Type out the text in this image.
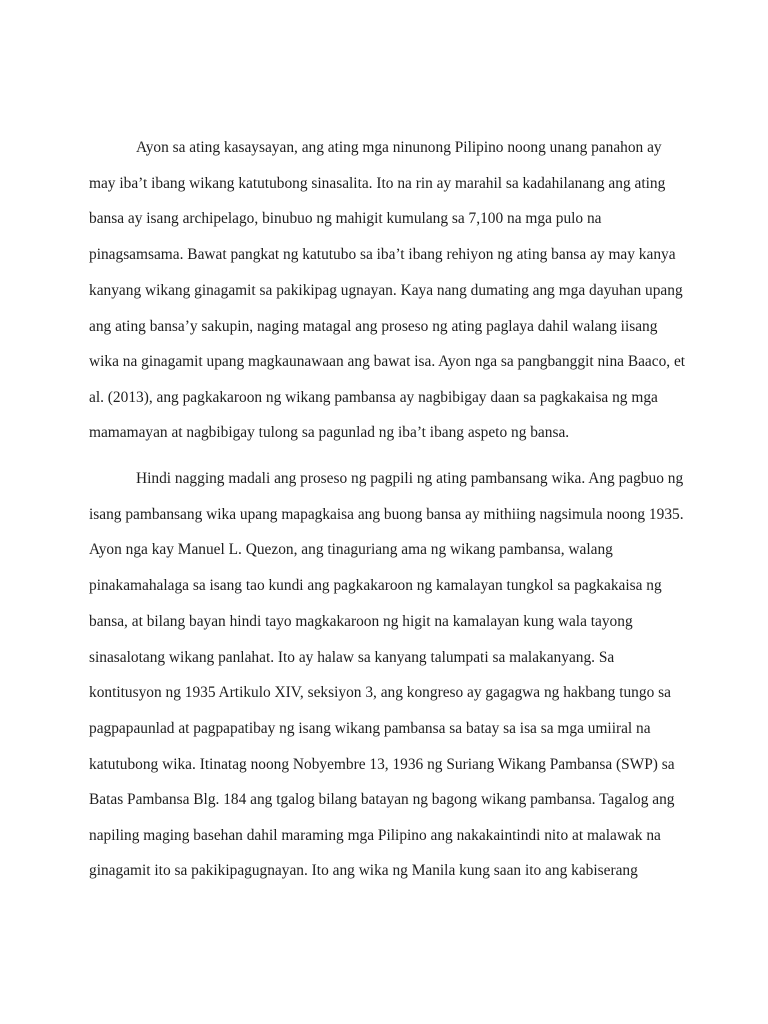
Ayon sa ating kasaysayan, ang ating mga ninunong Pilipino noong unang panahon ay
may iba’t ibang wikang katutubong sinasalita. Ito na rin ay marahil sa kadahilanang ang ating
bansa ay isang archipelago, binubuo ng mahigit kumulang sa 7,100 na mga pulo na
pinagsamsama. Bawat pangkat ng katutubo sa iba’t ibang rehiyon ng ating bansa ay may kanya
kanyang wikang ginagamit sa pakikipag ugnayan. Kaya nang dumating ang mga dayuhan upang
ang ating bansa’y sakupin, naging matagal ang proseso ng ating paglaya dahil walang iisang
wika na ginagamit upang magkaunawaan ang bawat isa. Ayon nga sa pangbanggit nina Baaco, et
al. (2013), ang pagkakaroon ng wikang pambansa ay nagbibigay daan sa pagkakaisa ng mga
mamamayan at nagbibigay tulong sa pagunlad ng iba’t ibang aspeto ng bansa.
Hindi nagging madali ang proseso ng pagpili ng ating pambansang wika. Ang pagbuo ng
isang pambansang wika upang mapagkaisa ang buong bansa ay mithiing nagsimula noong 1935.
Ayon nga kay Manuel L. Quezon, ang tinaguriang ama ng wikang pambansa, walang
pinakamahalaga sa isang tao kundi ang pagkakaroon ng kamalayan tungkol sa pagkakaisa ng
bansa, at bilang bayan hindi tayo magkakaroon ng higit na kamalayan kung wala tayong
sinasalotang wikang panlahat. Ito ay halaw sa kanyang talumpati sa malakanyang. Sa
kontitusyon ng 1935 Artikulo XIV, seksiyon 3, ang kongreso ay gagagwa ng hakbang tungo sa
pagpapaunlad at pagpapatibay ng isang wikang pambansa sa batay sa isa sa mga umiiral na
katutubong wika. Itinatag noong Nobyembre 13, 1936 ng Suriang Wikang Pambansa (SWP) sa
Batas Pambansa Blg. 184 ang tgalog bilang batayan ng bagong wikang pambansa. Tagalog ang
napiling maging basehan dahil maraming mga Pilipino ang nakakaintindi nito at malawak na
ginagamit ito sa pakikipagugnayan. Ito ang wika ng Manila kung saan ito ang kabiserang
